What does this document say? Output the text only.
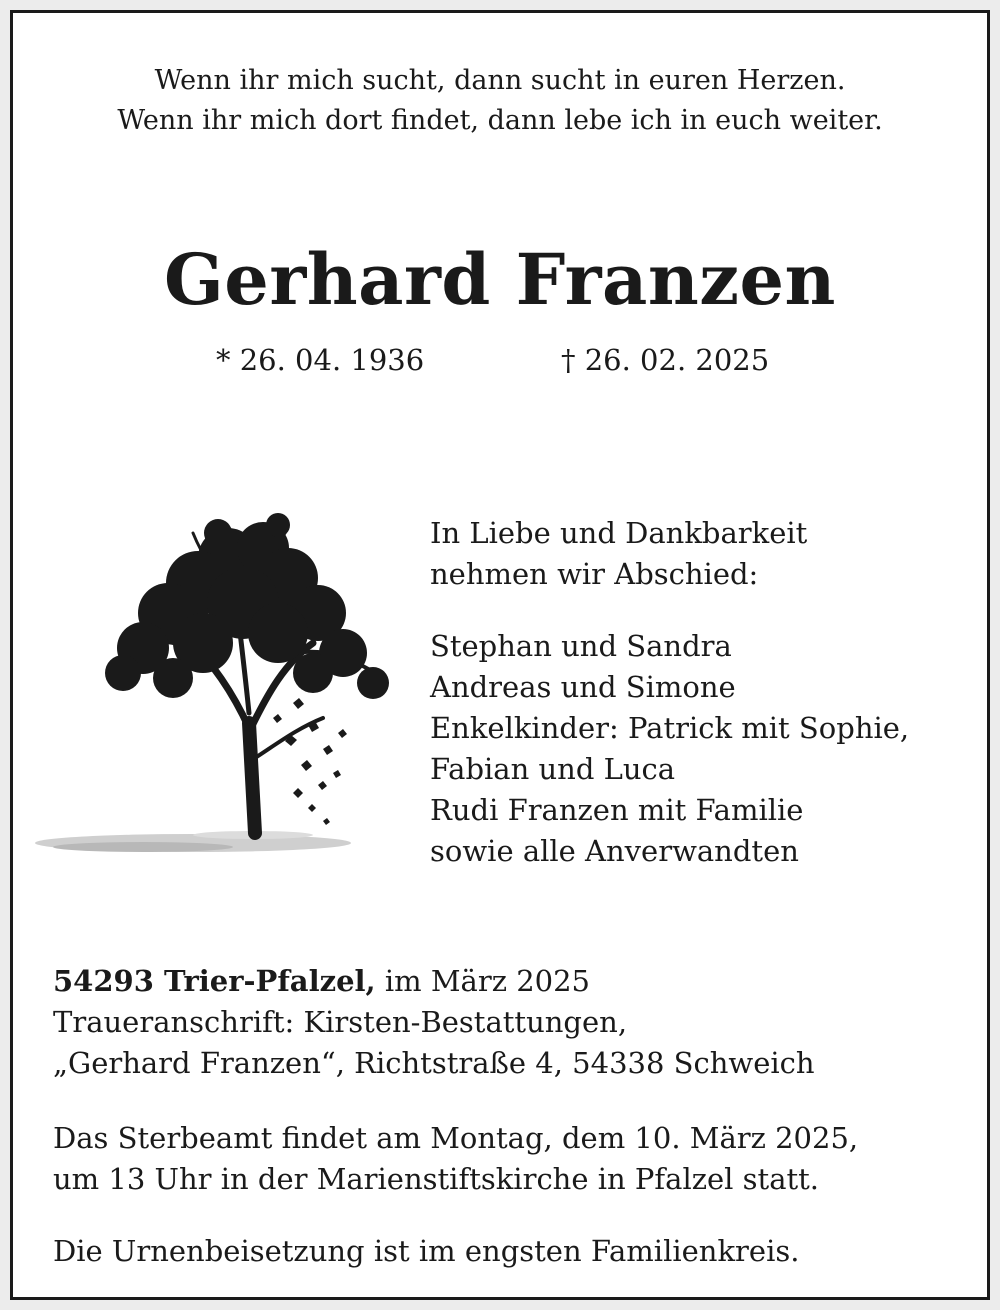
Wenn ihr mich sucht, dann sucht in euren Herzen.
Wenn ihr mich dort findet, dann lebe ich in euch weiter.
Gerhard Franzen
* 26. 04. 1936	† 26. 02. 2025
In Liebe und Dankbarkeit
nehmen wir Abschied:
Stephan und Sandra
Andreas und Simone
Enkelkinder: Patrick mit Sophie,
Fabian und Luca
Rudi Franzen mit Familie
sowie alle Anverwandten
54293 Trier-Pfalzel, im März 2025
Traueranschrift: Kirsten-Bestattungen,
„Gerhard Franzen“, Richtstraße 4, 54338 Schweich
Das Sterbeamt findet am Montag, dem 10. März 2025,
um 13 Uhr in der Marienstiftskirche in Pfalzel statt.
Die Urnenbeisetzung ist im engsten Familienkreis.
